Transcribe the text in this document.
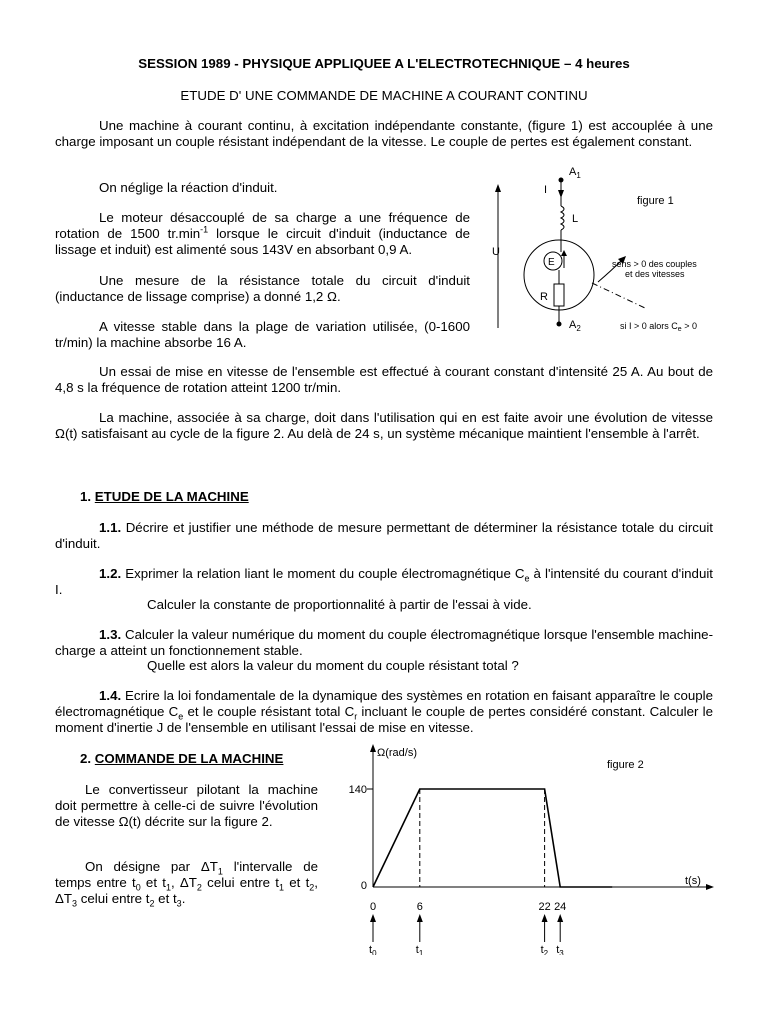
SESSION 1989 - PHYSIQUE APPLIQUEE A L'ELECTROTECHNIQUE – 4 heures
ETUDE D' UNE COMMANDE DE MACHINE A COURANT CONTINU
Une machine à courant continu, à excitation indépendante constante, (figure 1) est accouplée à une charge imposant un couple résistant indépendant de la vitesse. Le couple de pertes est également constant.
On néglige la réaction d'induit.
Le moteur désaccouplé de sa charge a une fréquence de rotation de 1500 $tr.\min^{-1}$ lorsque le circuit d'induit (inductance de lissage et induit) est alimenté sous 143V en absorbant 0,9 A.
Une mesure de la résistance totale du circuit d'induit (inductance de lissage comprise) a donné 1,2 Ω.
A vitesse stable dans la plage de variation utilisée, (0-1600 tr/min) la machine absorbe 16 A.
U
$A_1$
I
L
E
R
$A_2$
figure 1
sens > 0 des couples
et des vitesses
si I > 0 alors $C_e > 0$
Un essai de mise en vitesse de l'ensemble est effectué à courant constant d'intensité 25 A. Au bout de 4,8 s la fréquence de rotation atteint 1200 tr/min.
La machine, associée à sa charge, doit dans l'utilisation qui en est faite avoir une évolution de vitesse Ω(t) satisfaisant au cycle de la figure 2. Au delà de 24 s, un système mécanique maintient l'ensemble à l'arrêt.
1. ETUDE DE LA MACHINE
1.1. Décrire et justifier une méthode de mesure permettant de déterminer la résistance totale du circuit d'induit.
1.2. Exprimer la relation liant le moment du couple électromagnétique $C_e$ à l'intensité du courant d'induit I.
Calculer la constante de proportionnalité à partir de l'essai à vide.
1.3. Calculer la valeur numérique du moment du couple électromagnétique lorsque l'ensemble machine-charge a atteint un fonctionnement stable.
Quelle est alors la valeur du moment du couple résistant total ?
1.4. Ecrire la loi fondamentale de la dynamique des systèmes en rotation en faisant apparaître le couple électromagnétique $C_e$ et le couple résistant total $C_r$ incluant le couple de pertes considéré constant. Calculer le moment d'inertie J de l'ensemble en utilisant l'essai de mise en vitesse.
2. COMMANDE DE LA MACHINE
Le convertisseur pilotant la machine doit permettre à celle-ci de suivre l'évolution de vitesse Ω(t) décrite sur la figure 2.
On désigne par $\Delta T_1$ l'intervalle de temps entre $t_0$ et $t_1$, $\Delta T_2$ celui entre $t_1$ et $t_2$, $\Delta T_3$ celui entre $t_2$ et $t_3$.
Ω(rad/s)
t(s)
figure 2
0
140
0
$t_0$
6
$t_1$
22
$t_2$
24
$t_3$
